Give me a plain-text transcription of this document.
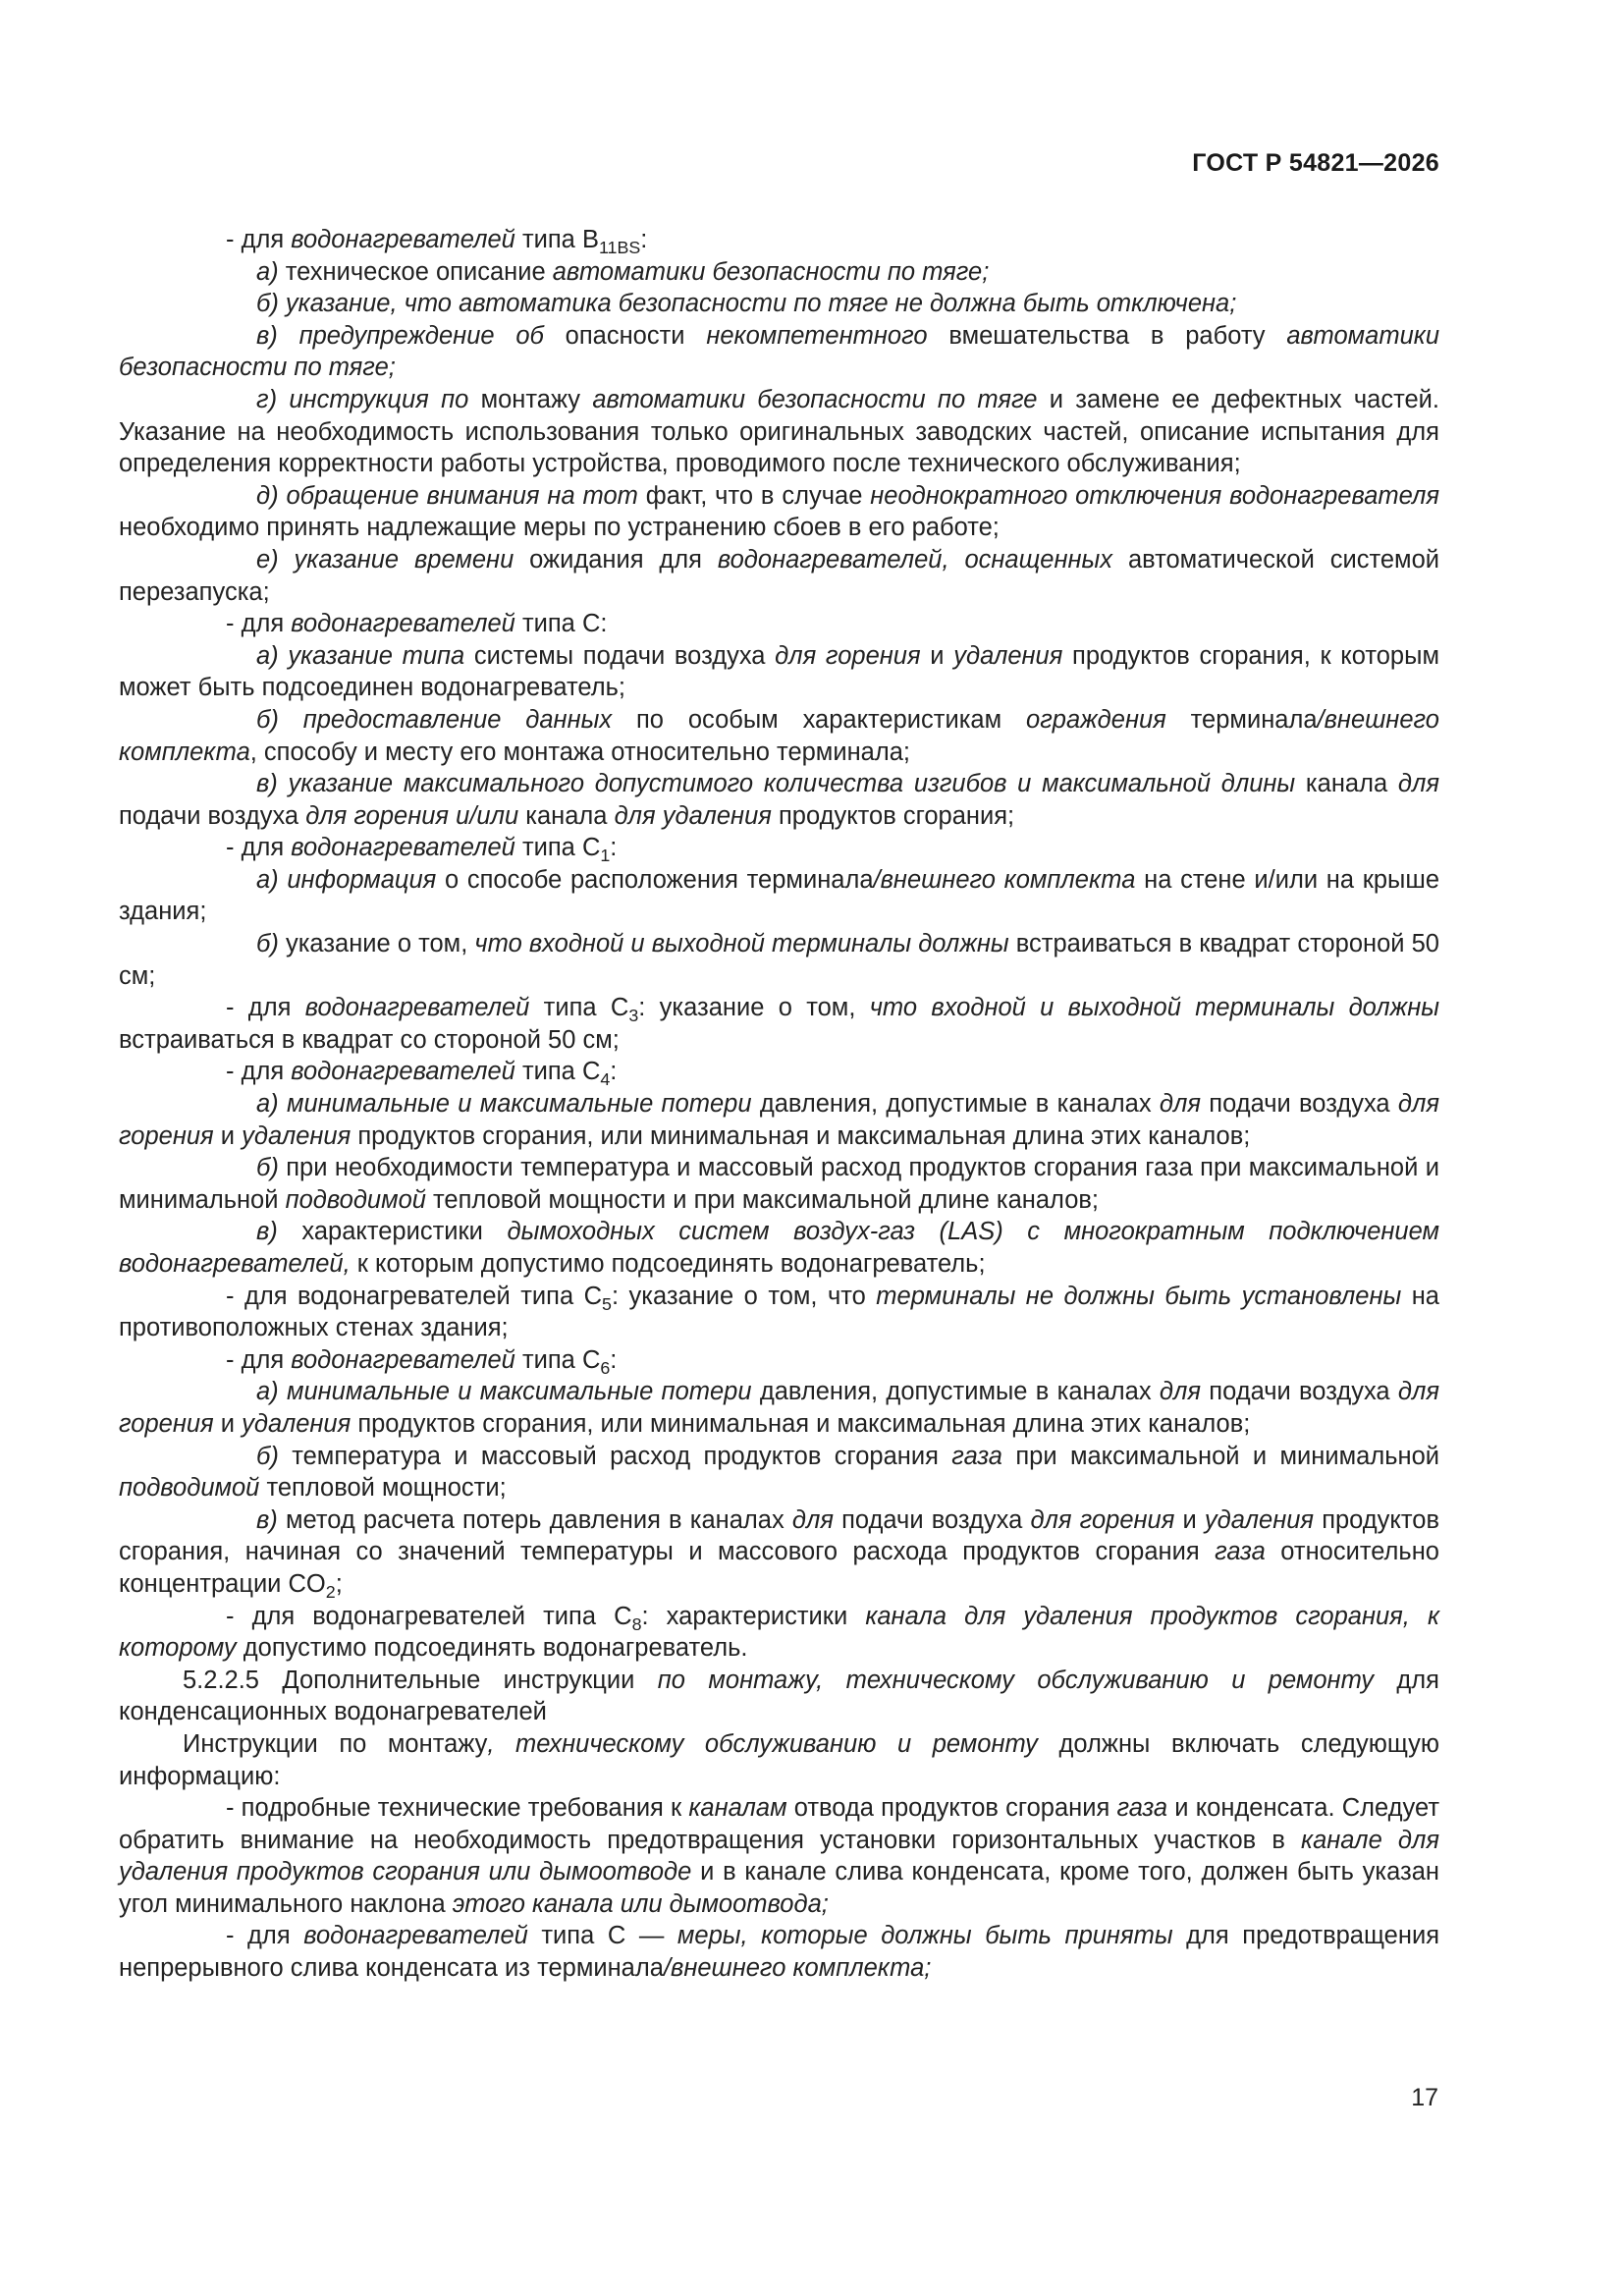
ГОСТ Р 54821—2026

- для водонагревателей типа $B_{11BS}$:

а) техническое описание автоматики безопасности по тяге;

б) указание, что автоматика безопасности по тяге не должна быть отключена;

в) предупреждение об опасности некомпетентного вмешательства в работу автоматики безопасности по тяге;

г) инструкция по монтажу автоматики безопасности по тяге и замене ее дефектных частей. Указание на необходимость использования только оригинальных заводских частей, описание испытания для определения корректности работы устройства, проводимого после технического обслуживания;

д) обращение внимания на тот факт, что в случае неоднократного отключения водонагревателя необходимо принять надлежащие меры по устранению сбоев в его работе;

е) указание времени ожидания для водонагревателей, оснащенных автоматической системой перезапуска;

- для водонагревателей типа С:

а) указание типа системы подачи воздуха для горения и удаления продуктов сгорания, к которым может быть подсоединен водонагреватель;

б) предоставление данных по особым характеристикам ограждения терминала/внешнего комплекта, способу и месту его монтажа относительно терминала;

в) указание максимального допустимого количества изгибов и максимальной длины канала для подачи воздуха для горения и/или канала для удаления продуктов сгорания;

- для водонагревателей типа $С_1$:

а) информация о способе расположения терминала/внешнего комплекта на стене и/или на крыше здания;

б) указание о том, что входной и выходной терминалы должны встраиваться в квадрат стороной 50 см;

- для водонагревателей типа $С_3$: указание о том, что входной и выходной терминалы должны встраиваться в квадрат со стороной 50 см;

- для водонагревателей типа $С_4$:

а) минимальные и максимальные потери давления, допустимые в каналах для подачи воздуха для горения и удаления продуктов сгорания, или минимальная и максимальная длина этих каналов;

б) при необходимости температура и массовый расход продуктов сгорания газа при максимальной и минимальной подводимой тепловой мощности и при максимальной длине каналов;

в) характеристики дымоходных систем воздух-газ (LAS) с многократным подключением водонагревателей, к которым допустимо подсоединять водонагреватель;

- для водонагревателей типа $С_5$: указание о том, что терминалы не должны быть установлены на противоположных стенах здания;

- для водонагревателей типа $С_6$:

а) минимальные и максимальные потери давления, допустимые в каналах для подачи воздуха для горения и удаления продуктов сгорания, или минимальная и максимальная длина этих каналов;

б) температура и массовый расход продуктов сгорания газа при максимальной и минимальной подводимой тепловой мощности;

в) метод расчета потерь давления в каналах для подачи воздуха для горения и удаления продуктов сгорания, начиная со значений температуры и массового расхода продуктов сгорания газа относительно концентрации $CO_2$;

- для водонагревателей типа $С_8$: характеристики канала для удаления продуктов сгорания, к которому допустимо подсоединять водонагреватель.

5.2.2.5 Дополнительные инструкции по монтажу, техническому обслуживанию и ремонту для конденсационных водонагревателей

Инструкции по монтажу, техническому обслуживанию и ремонту должны включать следующую информацию:

- подробные технические требования к каналам отвода продуктов сгорания газа и конденсата. Следует обратить внимание на необходимость предотвращения установки горизонтальных участков в канале для удаления продуктов сгорания или дымоотводе и в канале слива конденсата, кроме того, должен быть указан угол минимального наклона этого канала или дымоотвода;

- для водонагревателей типа С — меры, которые должны быть приняты для предотвращения непрерывного слива конденсата из терминала/внешнего комплекта;

17
